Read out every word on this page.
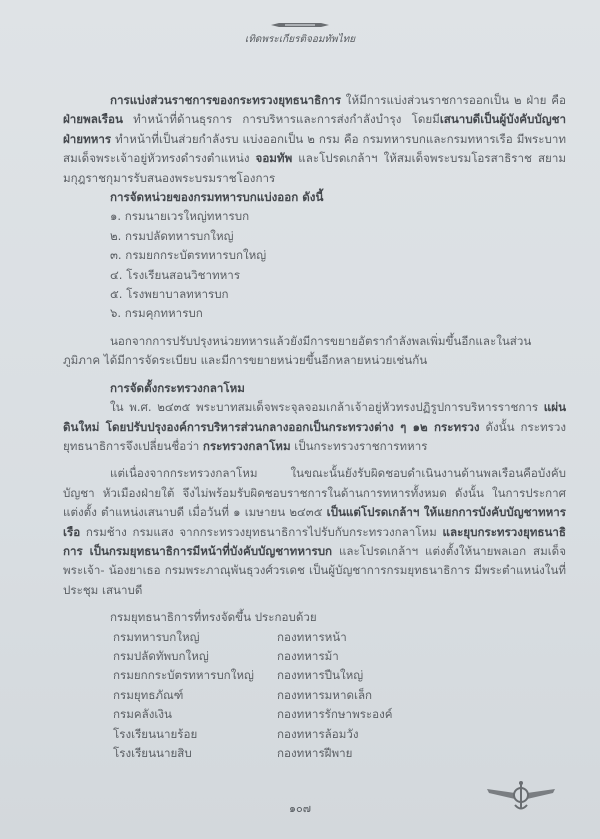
เทิดพระเกียรติจอมทัพไทย
การแบ่งส่วนราชการของกระทรวงยุทธนาธิการ ให้มีการแบ่งส่วนราชการออกเป็น ๒ ฝ่าย คือ ฝ่ายพลเรือน ทำหน้าที่ด้านธุรการ การบริหารและการส่งกำลังบำรุง โดยมีเสนาบดีเป็นผู้บังคับบัญชา ฝ่ายทหาร ทำหน้าที่เป็นส่วยกำลังรบ แบ่งออกเป็น ๒ กรม คือ กรมทหารบกและกรมทหารเรือ มีพระบาทสมเด็จพระเจ้าอยู่หัวทรงดำรงตำแหน่ง จอมทัพ และโปรดเกล้าฯ ให้สมเด็จพระบรมโอรสาธิราช สยามมกุฎราชกุมารรับสนองพระบรมราชโองการ
การจัดหน่วยของกรมทหารบกแบ่งออก ดังนี้
๑. กรมนายเวรใหญ่ทหารบก
๒. กรมปลัดทหารบกใหญ่
๓. กรมยกกระบัตรทหารบกใหญ่
๔. โรงเรียนสอนวิชาทหาร
๕. โรงพยาบาลทหารบก
๖. กรมคุกทหารบก
นอกจากการปรับปรุงหน่วยทหารแล้วยังมีการขยายอัตรากำลังพลเพิ่มขึ้นอีกและในส่วนภูมิภาค ได้มีการจัดระเบียบ และมีการขยายหน่วยขึ้นอีกหลายหน่วยเช่นกัน
การจัดตั้งกระทรวงกลาโหม
ใน พ.ศ. ๒๔๓๕ พระบาทสมเด็จพระจุลจอมเกล้าเจ้าอยู่หัวทรงปฏิรูปการบริหารราชการ แผ่นดินใหม่ โดยปรับปรุงองค์การบริหารส่วนกลางออกเป็นกระทรวงต่าง ๆ ๑๒ กระทรวง ดังนั้น กระทรวงยุทธนาธิการจึงเปลี่ยนชื่อว่า กระทรวงกลาโหม เป็นกระทรวงราชการทหาร
แต่เนื่องจากกระทรวงกลาโหม ในขณะนั้นยังรับผิดชอบดำเนินงานด้านพลเรือนคือบังคับบัญชา หัวเมืองฝ่ายใต้ จึงไม่พร้อมรับผิดชอบราชการในด้านการทหารทั้งหมด ดังนั้น ในการประกาศแต่งตั้ง ตำแหน่งเสนาบดี เมื่อวันที่ ๑ เมษายน ๒๔๓๕ เป็นแต่โปรดเกล้าฯ ให้แยกการบังคับบัญชาทหารเรือ กรมช้าง กรมแสง จากกระทรวงยุทธนาธิการไปรับกับกระทรวงกลาโหม และยุบกระทรวงยุทธนาธิการ เป็นกรมยุทธนาธิการมีหน้าที่บังคับบัญชาทหารบก และโปรดเกล้าฯ แต่งตั้งให้นายพลเอก สมเด็จพระเจ้า- น้องยาเธอ กรมพระภาณุพันธุวงศ์วรเดช เป็นผู้บัญชาการกรมยุทธนาธิการ มีพระตำแหน่งในที่ประชุม เสนาบดี
กรมยุทธนาธิการที่ทรงจัดขึ้น ประกอบด้วย
กรมทหารบกใหญ่	กองทหารหน้า
กรมปลัดทัพบกใหญ่	กองทหารม้า
กรมยกกระบัตรทหารบกใหญ่	กองทหารปืนใหญ่
กรมยุทธภัณฑ์	กองทหารมหาดเล็ก
กรมคลังเงิน	กองทหารรักษาพระองค์
โรงเรียนนายร้อย	กองทหารล้อมวัง
โรงเรียนนายสิบ	กองทหารฝีพาย
๑๐๗
